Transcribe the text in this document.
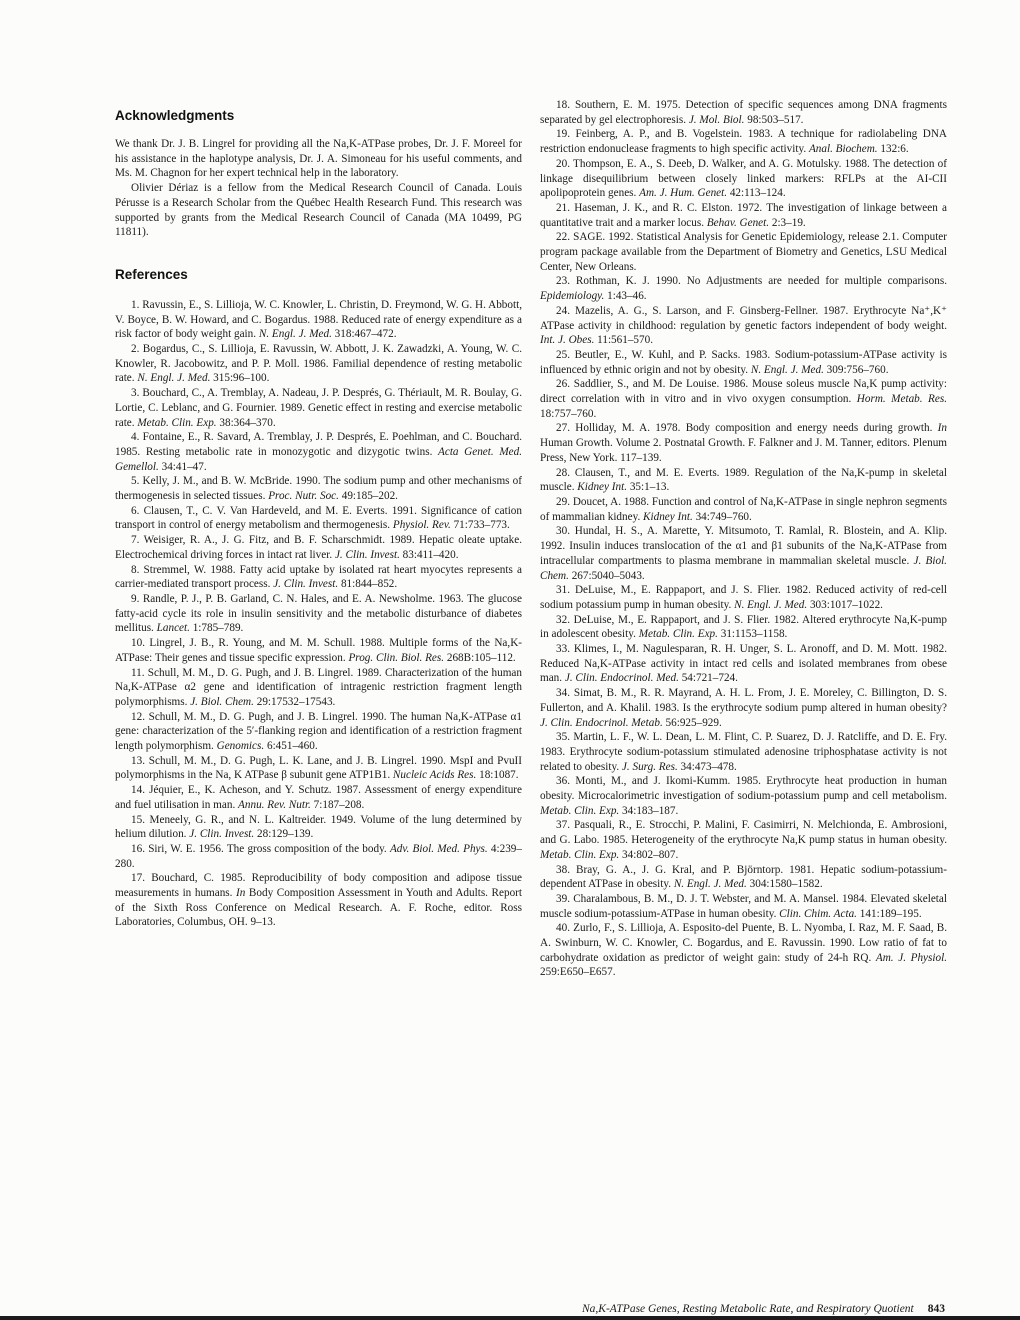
Acknowledgments

We thank Dr. J. B. Lingrel for providing all the Na,K-ATPase probes, Dr. J. F. Moreel for his assistance in the haplotype analysis, Dr. J. A. Simoneau for his useful comments, and Ms. M. Chagnon for her expert technical help in the laboratory.

Olivier Dériaz is a fellow from the Medical Research Council of Canada. Louis Pérusse is a Research Scholar from the Québec Health Research Fund. This research was supported by grants from the Medical Research Council of Canada (MA 10499, PG 11811).

References

1. Ravussin, E., S. Lillioja, W. C. Knowler, L. Christin, D. Freymond, W. G. H. Abbott, V. Boyce, B. W. Howard, and C. Bogardus. 1988. Reduced rate of energy expenditure as a risk factor of body weight gain. N. Engl. J. Med. 318:467–472.

2. Bogardus, C., S. Lillioja, E. Ravussin, W. Abbott, J. K. Zawadzki, A. Young, W. C. Knowler, R. Jacobowitz, and P. P. Moll. 1986. Familial dependence of resting metabolic rate. N. Engl. J. Med. 315:96–100.

3. Bouchard, C., A. Tremblay, A. Nadeau, J. P. Després, G. Thériault, M. R. Boulay, G. Lortie, C. Leblanc, and G. Fournier. 1989. Genetic effect in resting and exercise metabolic rate. Metab. Clin. Exp. 38:364–370.

4. Fontaine, E., R. Savard, A. Tremblay, J. P. Després, E. Poehlman, and C. Bouchard. 1985. Resting metabolic rate in monozygotic and dizygotic twins. Acta Genet. Med. Gemellol. 34:41–47.

5. Kelly, J. M., and B. W. McBride. 1990. The sodium pump and other mechanisms of thermogenesis in selected tissues. Proc. Nutr. Soc. 49:185–202.

6. Clausen, T., C. V. Van Hardeveld, and M. E. Everts. 1991. Significance of cation transport in control of energy metabolism and thermogenesis. Physiol. Rev. 71:733–773.

7. Weisiger, R. A., J. G. Fitz, and B. F. Scharschmidt. 1989. Hepatic oleate uptake. Electrochemical driving forces in intact rat liver. J. Clin. Invest. 83:411–420.

8. Stremmel, W. 1988. Fatty acid uptake by isolated rat heart myocytes represents a carrier-mediated transport process. J. Clin. Invest. 81:844–852.

9. Randle, P. J., P. B. Garland, C. N. Hales, and E. A. Newsholme. 1963. The glucose fatty-acid cycle its role in insulin sensitivity and the metabolic disturbance of diabetes mellitus. Lancet. 1:785–789.

10. Lingrel, J. B., R. Young, and M. M. Schull. 1988. Multiple forms of the Na,K-ATPase: Their genes and tissue specific expression. Prog. Clin. Biol. Res. 268B:105–112.

11. Schull, M. M., D. G. Pugh, and J. B. Lingrel. 1989. Characterization of the human Na,K-ATPase α2 gene and identification of intragenic restriction fragment length polymorphisms. J. Biol. Chem. 29:17532–17543.

12. Schull, M. M., D. G. Pugh, and J. B. Lingrel. 1990. The human Na,K-ATPase α1 gene: characterization of the 5′-flanking region and identification of a restriction fragment length polymorphism. Genomics. 6:451–460.

13. Schull, M. M., D. G. Pugh, L. K. Lane, and J. B. Lingrel. 1990. MspI and PvuII polymorphisms in the Na, K ATPase β subunit gene ATP1B1. Nucleic Acids Res. 18:1087.

14. Jéquier, E., K. Acheson, and Y. Schutz. 1987. Assessment of energy expenditure and fuel utilisation in man. Annu. Rev. Nutr. 7:187–208.

15. Meneely, G. R., and N. L. Kaltreider. 1949. Volume of the lung determined by helium dilution. J. Clin. Invest. 28:129–139.

16. Siri, W. E. 1956. The gross composition of the body. Adv. Biol. Med. Phys. 4:239–280.

17. Bouchard, C. 1985. Reproducibility of body composition and adipose tissue measurements in humans. In Body Composition Assessment in Youth and Adults. Report of the Sixth Ross Conference on Medical Research. A. F. Roche, editor. Ross Laboratories, Columbus, OH. 9–13.

18. Southern, E. M. 1975. Detection of specific sequences among DNA fragments separated by gel electrophoresis. J. Mol. Biol. 98:503–517.

19. Feinberg, A. P., and B. Vogelstein. 1983. A technique for radiolabeling DNA restriction endonuclease fragments to high specific activity. Anal. Biochem. 132:6.

20. Thompson, E. A., S. Deeb, D. Walker, and A. G. Motulsky. 1988. The detection of linkage disequilibrium between closely linked markers: RFLPs at the AI-CII apolipoprotein genes. Am. J. Hum. Genet. 42:113–124.

21. Haseman, J. K., and R. C. Elston. 1972. The investigation of linkage between a quantitative trait and a marker locus. Behav. Genet. 2:3–19.

22. SAGE. 1992. Statistical Analysis for Genetic Epidemiology, release 2.1. Computer program package available from the Department of Biometry and Genetics, LSU Medical Center, New Orleans.

23. Rothman, K. J. 1990. No Adjustments are needed for multiple comparisons. Epidemiology. 1:43–46.

24. Mazelis, A. G., S. Larson, and F. Ginsberg-Fellner. 1987. Erythrocyte Na⁺,K⁺ ATPase activity in childhood: regulation by genetic factors independent of body weight. Int. J. Obes. 11:561–570.

25. Beutler, E., W. Kuhl, and P. Sacks. 1983. Sodium-potassium-ATPase activity is influenced by ethnic origin and not by obesity. N. Engl. J. Med. 309:756–760.

26. Saddlier, S., and M. De Louise. 1986. Mouse soleus muscle Na,K pump activity: direct correlation with in vitro and in vivo oxygen consumption. Horm. Metab. Res. 18:757–760.

27. Holliday, M. A. 1978. Body composition and energy needs during growth. In Human Growth. Volume 2. Postnatal Growth. F. Falkner and J. M. Tanner, editors. Plenum Press, New York. 117–139.

28. Clausen, T., and M. E. Everts. 1989. Regulation of the Na,K-pump in skeletal muscle. Kidney Int. 35:1–13.

29. Doucet, A. 1988. Function and control of Na,K-ATPase in single nephron segments of mammalian kidney. Kidney Int. 34:749–760.

30. Hundal, H. S., A. Marette, Y. Mitsumoto, T. Ramlal, R. Blostein, and A. Klip. 1992. Insulin induces translocation of the α1 and β1 subunits of the Na,K-ATPase from intracellular compartments to plasma membrane in mammalian skeletal muscle. J. Biol. Chem. 267:5040–5043.

31. DeLuise, M., E. Rappaport, and J. S. Flier. 1982. Reduced activity of red-cell sodium potassium pump in human obesity. N. Engl. J. Med. 303:1017–1022.

32. DeLuise, M., E. Rappaport, and J. S. Flier. 1982. Altered erythrocyte Na,K-pump in adolescent obesity. Metab. Clin. Exp. 31:1153–1158.

33. Klimes, I., M. Nagulesparan, R. H. Unger, S. L. Aronoff, and D. M. Mott. 1982. Reduced Na,K-ATPase activity in intact red cells and isolated membranes from obese man. J. Clin. Endocrinol. Med. 54:721–724.

34. Simat, B. M., R. R. Mayrand, A. H. L. From, J. E. Moreley, C. Billington, D. S. Fullerton, and A. Khalil. 1983. Is the erythrocyte sodium pump altered in human obesity? J. Clin. Endocrinol. Metab. 56:925–929.

35. Martin, L. F., W. L. Dean, L. M. Flint, C. P. Suarez, D. J. Ratcliffe, and D. E. Fry. 1983. Erythrocyte sodium-potassium stimulated adenosine triphosphatase activity is not related to obesity. J. Surg. Res. 34:473–478.

36. Monti, M., and J. Ikomi-Kumm. 1985. Erythrocyte heat production in human obesity. Microcalorimetric investigation of sodium-potassium pump and cell metabolism. Metab. Clin. Exp. 34:183–187.

37. Pasquali, R., E. Strocchi, P. Malini, F. Casimirri, N. Melchionda, E. Ambrosioni, and G. Labo. 1985. Heterogeneity of the erythrocyte Na,K pump status in human obesity. Metab. Clin. Exp. 34:802–807.

38. Bray, G. A., J. G. Kral, and P. Björntorp. 1981. Hepatic sodium-potassium-dependent ATPase in obesity. N. Engl. J. Med. 304:1580–1582.

39. Charalambous, B. M., D. J. T. Webster, and M. A. Mansel. 1984. Elevated skeletal muscle sodium-potassium-ATPase in human obesity. Clin. Chim. Acta. 141:189–195.

40. Zurlo, F., S. Lillioja, A. Esposito-del Puente, B. L. Nyomba, I. Raz, M. F. Saad, B. A. Swinburn, W. C. Knowler, C. Bogardus, and E. Ravussin. 1990. Low ratio of fat to carbohydrate oxidation as predictor of weight gain: study of 24-h RQ. Am. J. Physiol. 259:E650–E657.

Na,K-ATPase Genes, Resting Metabolic Rate, and Respiratory Quotient 843
